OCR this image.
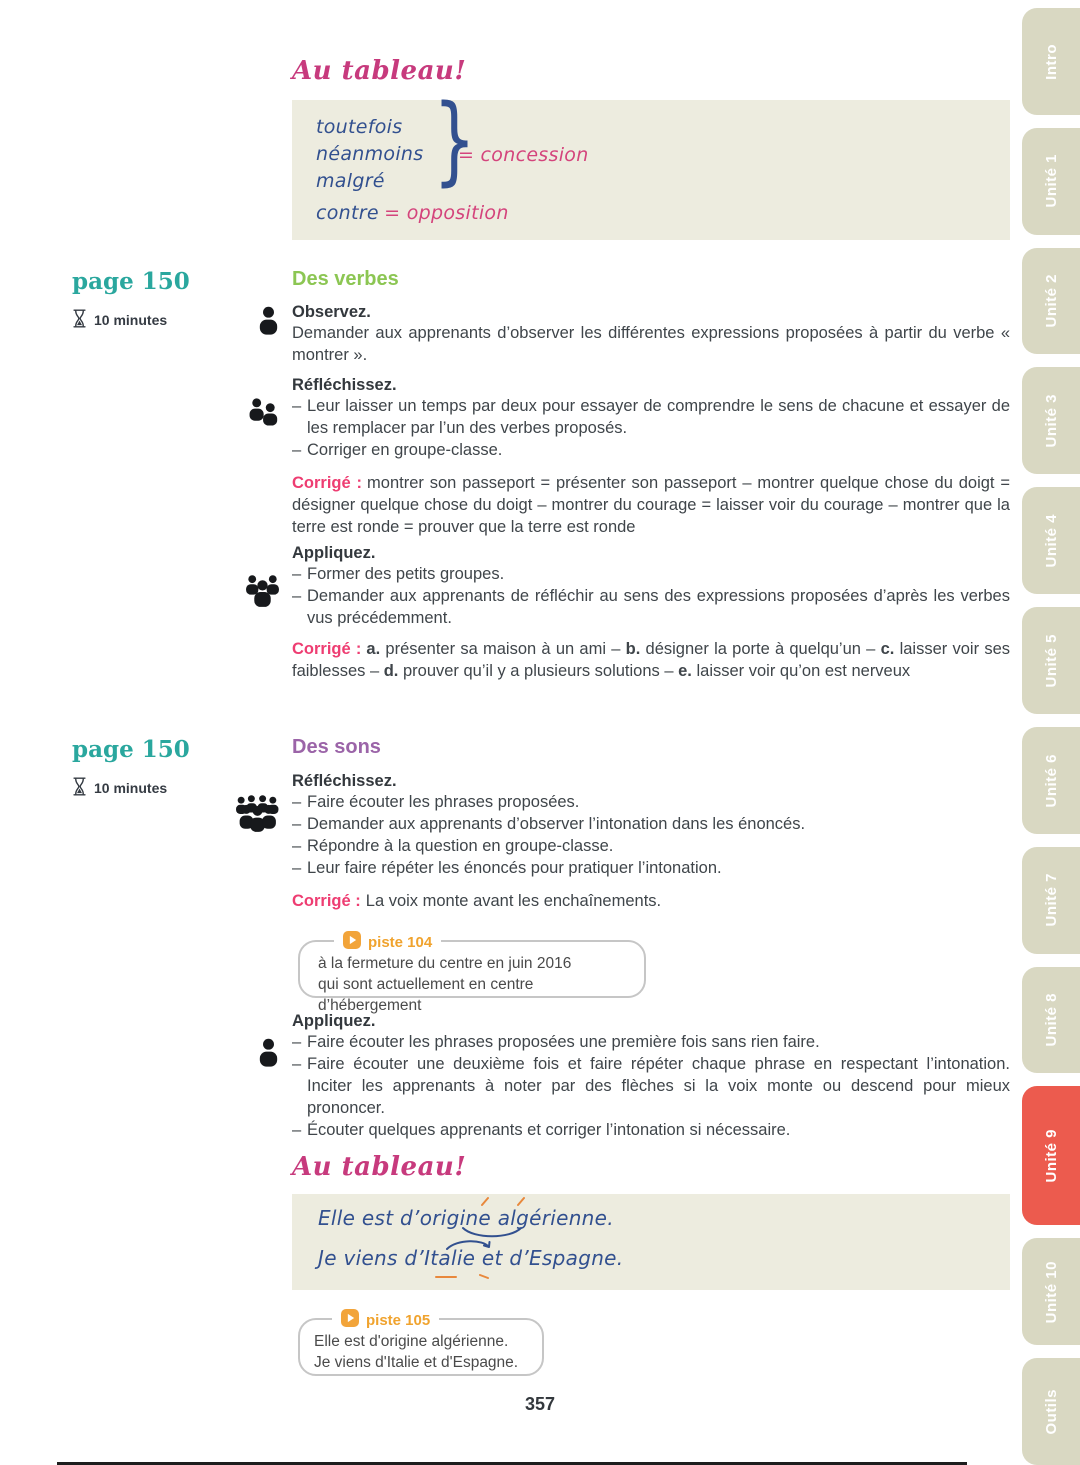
Intro
Unité 1
Unité 2
Unité 3
Unité 4
Unité 5
Unité 6
Unité 7
Unité 8
Unité 9
Unité 10
Outils
Au tableau!
toutefois
néanmoins
malgré }
= concession
contre = opposition
page 150
10 minutes
Des verbes

Observez.

Demander aux apprenants d’observer les différentes expressions proposées à partir du verbe « montrer ».

Réfléchissez.

– Leur laisser un temps par deux pour essayer de comprendre le sens de chacune et essayer de les remplacer par l’un des verbes proposés.
– Corriger en groupe-classe.
Corrigé : montrer son passeport = présenter son passeport – montrer quelque chose du doigt = désigner quelque chose du doigt – montrer du courage = laisser voir du courage – montrer que la terre est ronde = prouver que la terre est ronde

Appliquez.

– Former des petits groupes.
– Demander aux apprenants de réfléchir au sens des expressions proposées d’après les verbes vus précédemment.
Corrigé : a. présenter sa maison à un ami – b. désigner la porte à quelqu’un – c. laisser voir ses faiblesses – d. prouver qu’il y a plusieurs solutions – e. laisser voir qu’on est nerveux
page 150
10 minutes
Des sons

Réfléchissez.

– Faire écouter les phrases proposées.
– Demander aux apprenants d’observer l’intonation dans les énoncés.
– Répondre à la question en groupe-classe.
– Leur faire répéter les énoncés pour pratiquer l’intonation.
Corrigé : La voix monte avant les enchaînements.
piste 104
à la fermeture du centre en juin 2016
qui sont actuellement en centre d’hébergement

Appliquez.

– Faire écouter les phrases proposées une première fois sans rien faire.
– Faire écouter une deuxième fois et faire répéter chaque phrase en respectant l’intonation. Inciter les apprenants à noter par des flèches si la voix monte ou descend pour mieux prononcer.
– Écouter quelques apprenants et corriger l’intonation si nécessaire.
Au tableau!
Elle est d’origine algérienne.
Je viens d’Italie et d’Espagne.
piste 105
Elle est d'origine algérienne.
Je viens d'Italie et d'Espagne.
357
